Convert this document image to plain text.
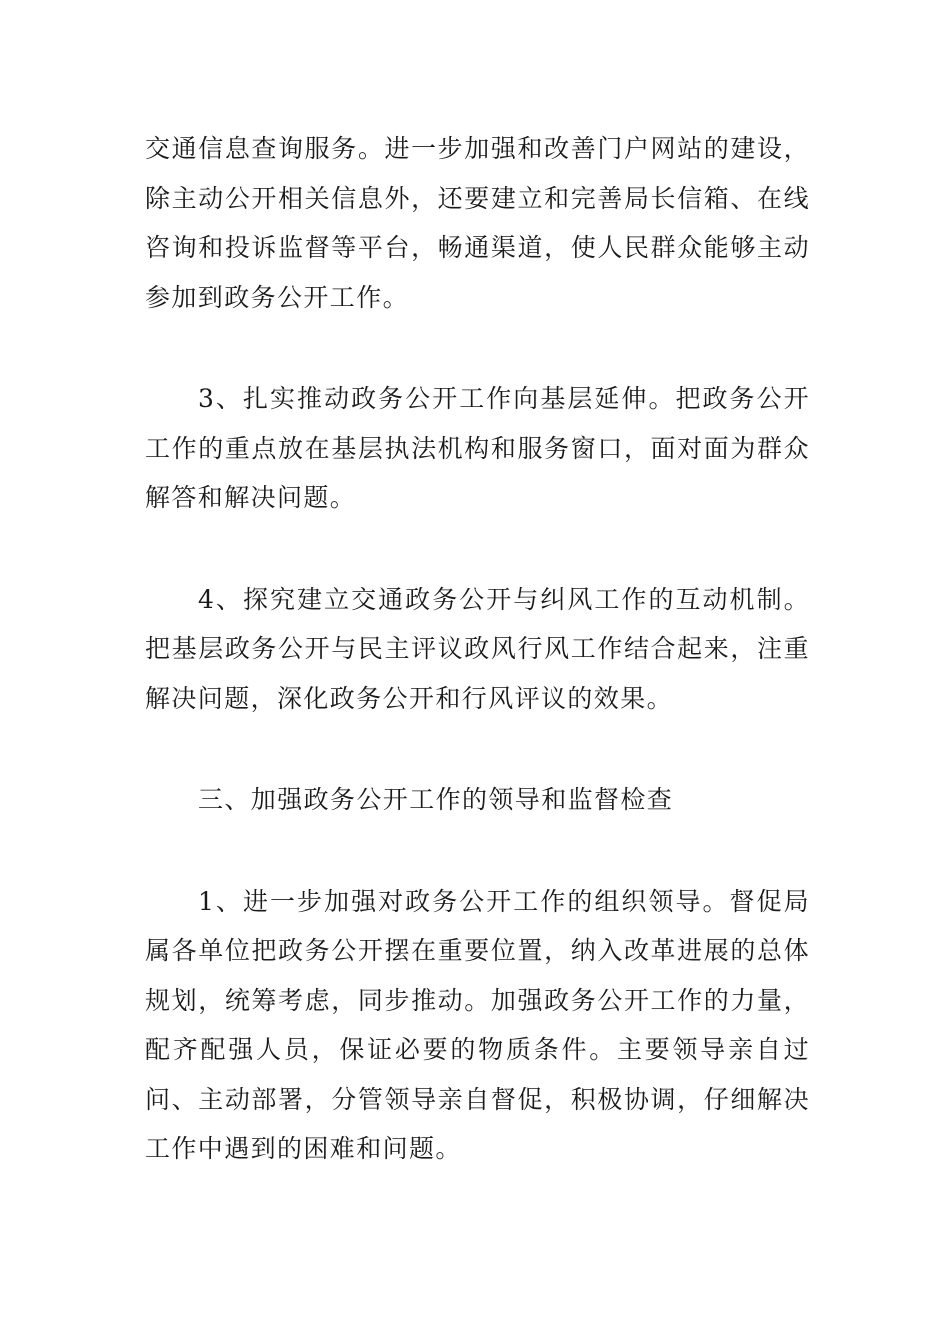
交通信息查询服务。进一步加强和改善门户网站的建设，除主动公开相关信息外，还要建立和完善局长信箱、在线咨询和投诉监督等平台，畅通渠道，使人民群众能够主动参加到政务公开工作。

3、扎实推动政务公开工作向基层延伸。把政务公开工作的重点放在基层执法机构和服务窗口，面对面为群众解答和解决问题。

4、探究建立交通政务公开与纠风工作的互动机制。把基层政务公开与民主评议政风行风工作结合起来，注重解决问题，深化政务公开和行风评议的效果。

三、加强政务公开工作的领导和监督检查

1、进一步加强对政务公开工作的组织领导。督促局属各单位把政务公开摆在重要位置，纳入改革进展的总体规划，统筹考虑，同步推动。加强政务公开工作的力量，配齐配强人员，保证必要的物质条件。主要领导亲自过问、主动部署，分管领导亲自督促，积极协调，仔细解决工作中遇到的困难和问题。
